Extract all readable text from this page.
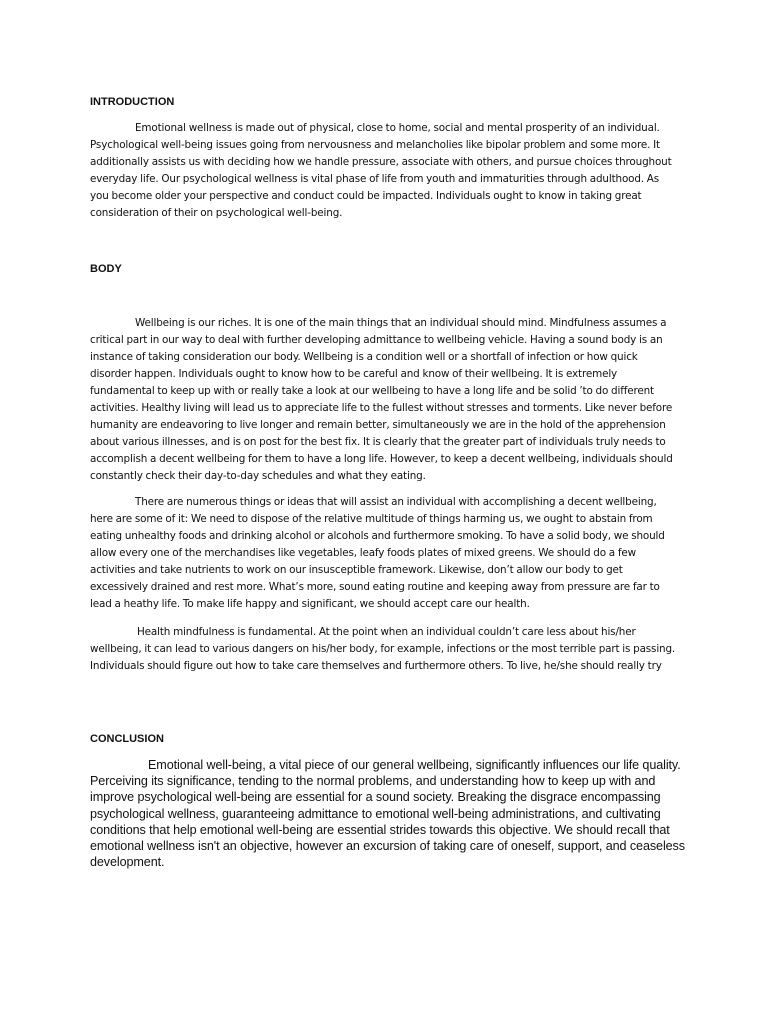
INTRODUCTION

Emotional wellness is made out of physical, close to home, social and mental prosperity of an individual. Psychological well-being issues going from nervousness and melancholies like bipolar problem and some more. It additionally assists us with deciding how we handle pressure, associate with others, and pursue choices throughout everyday life. Our psychological wellness is vital phase of life from youth and immaturities through adulthood. As you become older your perspective and conduct could be impacted. Individuals ought to know in taking great consideration of their on psychological well-being.

BODY

Wellbeing is our riches. It is one of the main things that an individual should mind. Mindfulness assumes a critical part in our way to deal with further developing admittance to wellbeing vehicle. Having a sound body is an instance of taking consideration our body. Wellbeing is a condition well or a shortfall of infection or how quick disorder happen. Individuals ought to know how to be careful and know of their wellbeing. It is extremely fundamental to keep up with or really take a look at our wellbeing to have a long life and be solid ’to do different activities. Healthy living will lead us to appreciate life to the fullest without stresses and torments. Like never before humanity are endeavoring to live longer and remain better, simultaneously we are in the hold of the apprehension about various illnesses, and is on post for the best fix. It is clearly that the greater part of individuals truly needs to accomplish a decent wellbeing for them to have a long life. However, to keep a decent wellbeing, individuals should constantly check their day-to-day schedules and what they eating.

There are numerous things or ideas that will assist an individual with accomplishing a decent wellbeing, here are some of it: We need to dispose of the relative multitude of things harming us, we ought to abstain from eating unhealthy foods and drinking alcohol or alcohols and furthermore smoking. To have a solid body, we should allow every one of the merchandises like vegetables, leafy foods plates of mixed greens. We should do a few activities and take nutrients to work on our insusceptible framework. Likewise, don’t allow our body to get excessively drained and rest more. What’s more, sound eating routine and keeping away from pressure are far to lead a heathy life. To make life happy and significant, we should accept care our health.

Health mindfulness is fundamental. At the point when an individual couldn’t care less about his/her wellbeing, it can lead to various dangers on his/her body, for example, infections or the most terrible part is passing. Individuals should figure out how to take care themselves and furthermore others. To live, he/she should really try

CONCLUSION

Emotional well-being, a vital piece of our general wellbeing, significantly influences our life quality. Perceiving its significance, tending to the normal problems, and understanding how to keep up with and improve psychological well-being are essential for a sound society. Breaking the disgrace encompassing psychological wellness, guaranteeing admittance to emotional well-being administrations, and cultivating conditions that help emotional well-being are essential strides towards this objective. We should recall that emotional wellness isn't an objective, however an excursion of taking care of oneself, support, and ceaseless development.
